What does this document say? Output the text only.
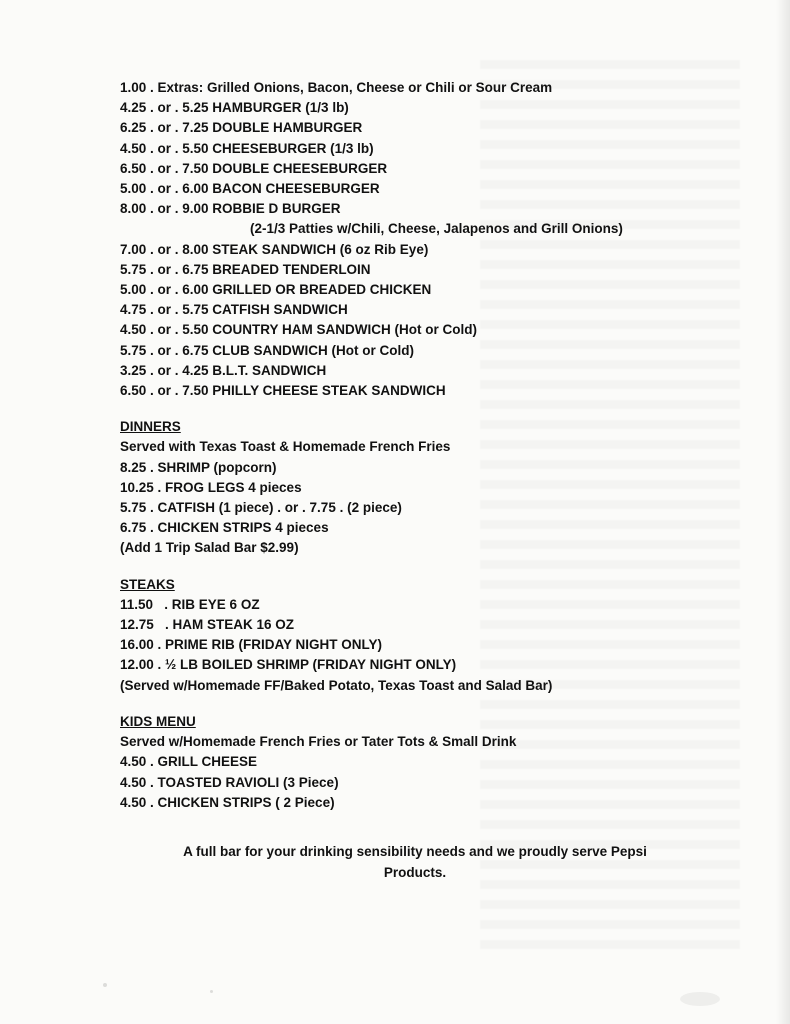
1.00 . Extras: Grilled Onions, Bacon, Cheese or Chili or Sour Cream
4.25 . or . 5.25 HAMBURGER (1/3 lb)
6.25 . or . 7.25 DOUBLE HAMBURGER
4.50 . or . 5.50 CHEESEBURGER (1/3 lb)
6.50 . or . 7.50 DOUBLE CHEESEBURGER
5.00 . or . 6.00 BACON CHEESEBURGER
8.00 . or . 9.00 ROBBIE D BURGER
(2-1/3 Patties w/Chili, Cheese, Jalapenos and Grill Onions)
7.00 . or . 8.00 STEAK SANDWICH (6 oz Rib Eye)
5.75 . or . 6.75 BREADED TENDERLOIN
5.00 . or . 6.00 GRILLED OR BREADED CHICKEN
4.75 . or . 5.75 CATFISH SANDWICH
4.50 . or . 5.50 COUNTRY HAM SANDWICH (Hot or Cold)
5.75 . or . 6.75 CLUB SANDWICH (Hot or Cold)
3.25 . or . 4.25 B.L.T. SANDWICH
6.50 . or . 7.50 PHILLY CHEESE STEAK SANDWICH
DINNERS
Served with Texas Toast & Homemade French Fries
8.25 . SHRIMP (popcorn)
10.25 . FROG LEGS 4 pieces
5.75 . CATFISH (1 piece) . or . 7.75 . (2 piece)
6.75 . CHICKEN STRIPS 4 pieces
(Add 1 Trip Salad Bar $2.99)
STEAKS
11.50   . RIB EYE 6 OZ
12.75   . HAM STEAK 16 OZ
16.00 . PRIME RIB (FRIDAY NIGHT ONLY)
12.00 . ½ LB BOILED SHRIMP (FRIDAY NIGHT ONLY)
(Served w/Homemade FF/Baked Potato, Texas Toast and Salad Bar)
KIDS MENU
Served w/Homemade French Fries or Tater Tots & Small Drink
4.50 . GRILL CHEESE
4.50 . TOASTED RAVIOLI (3 Piece)
4.50 . CHICKEN STRIPS ( 2 Piece)
A full bar for your drinking sensibility needs and we proudly serve Pepsi
Products.
